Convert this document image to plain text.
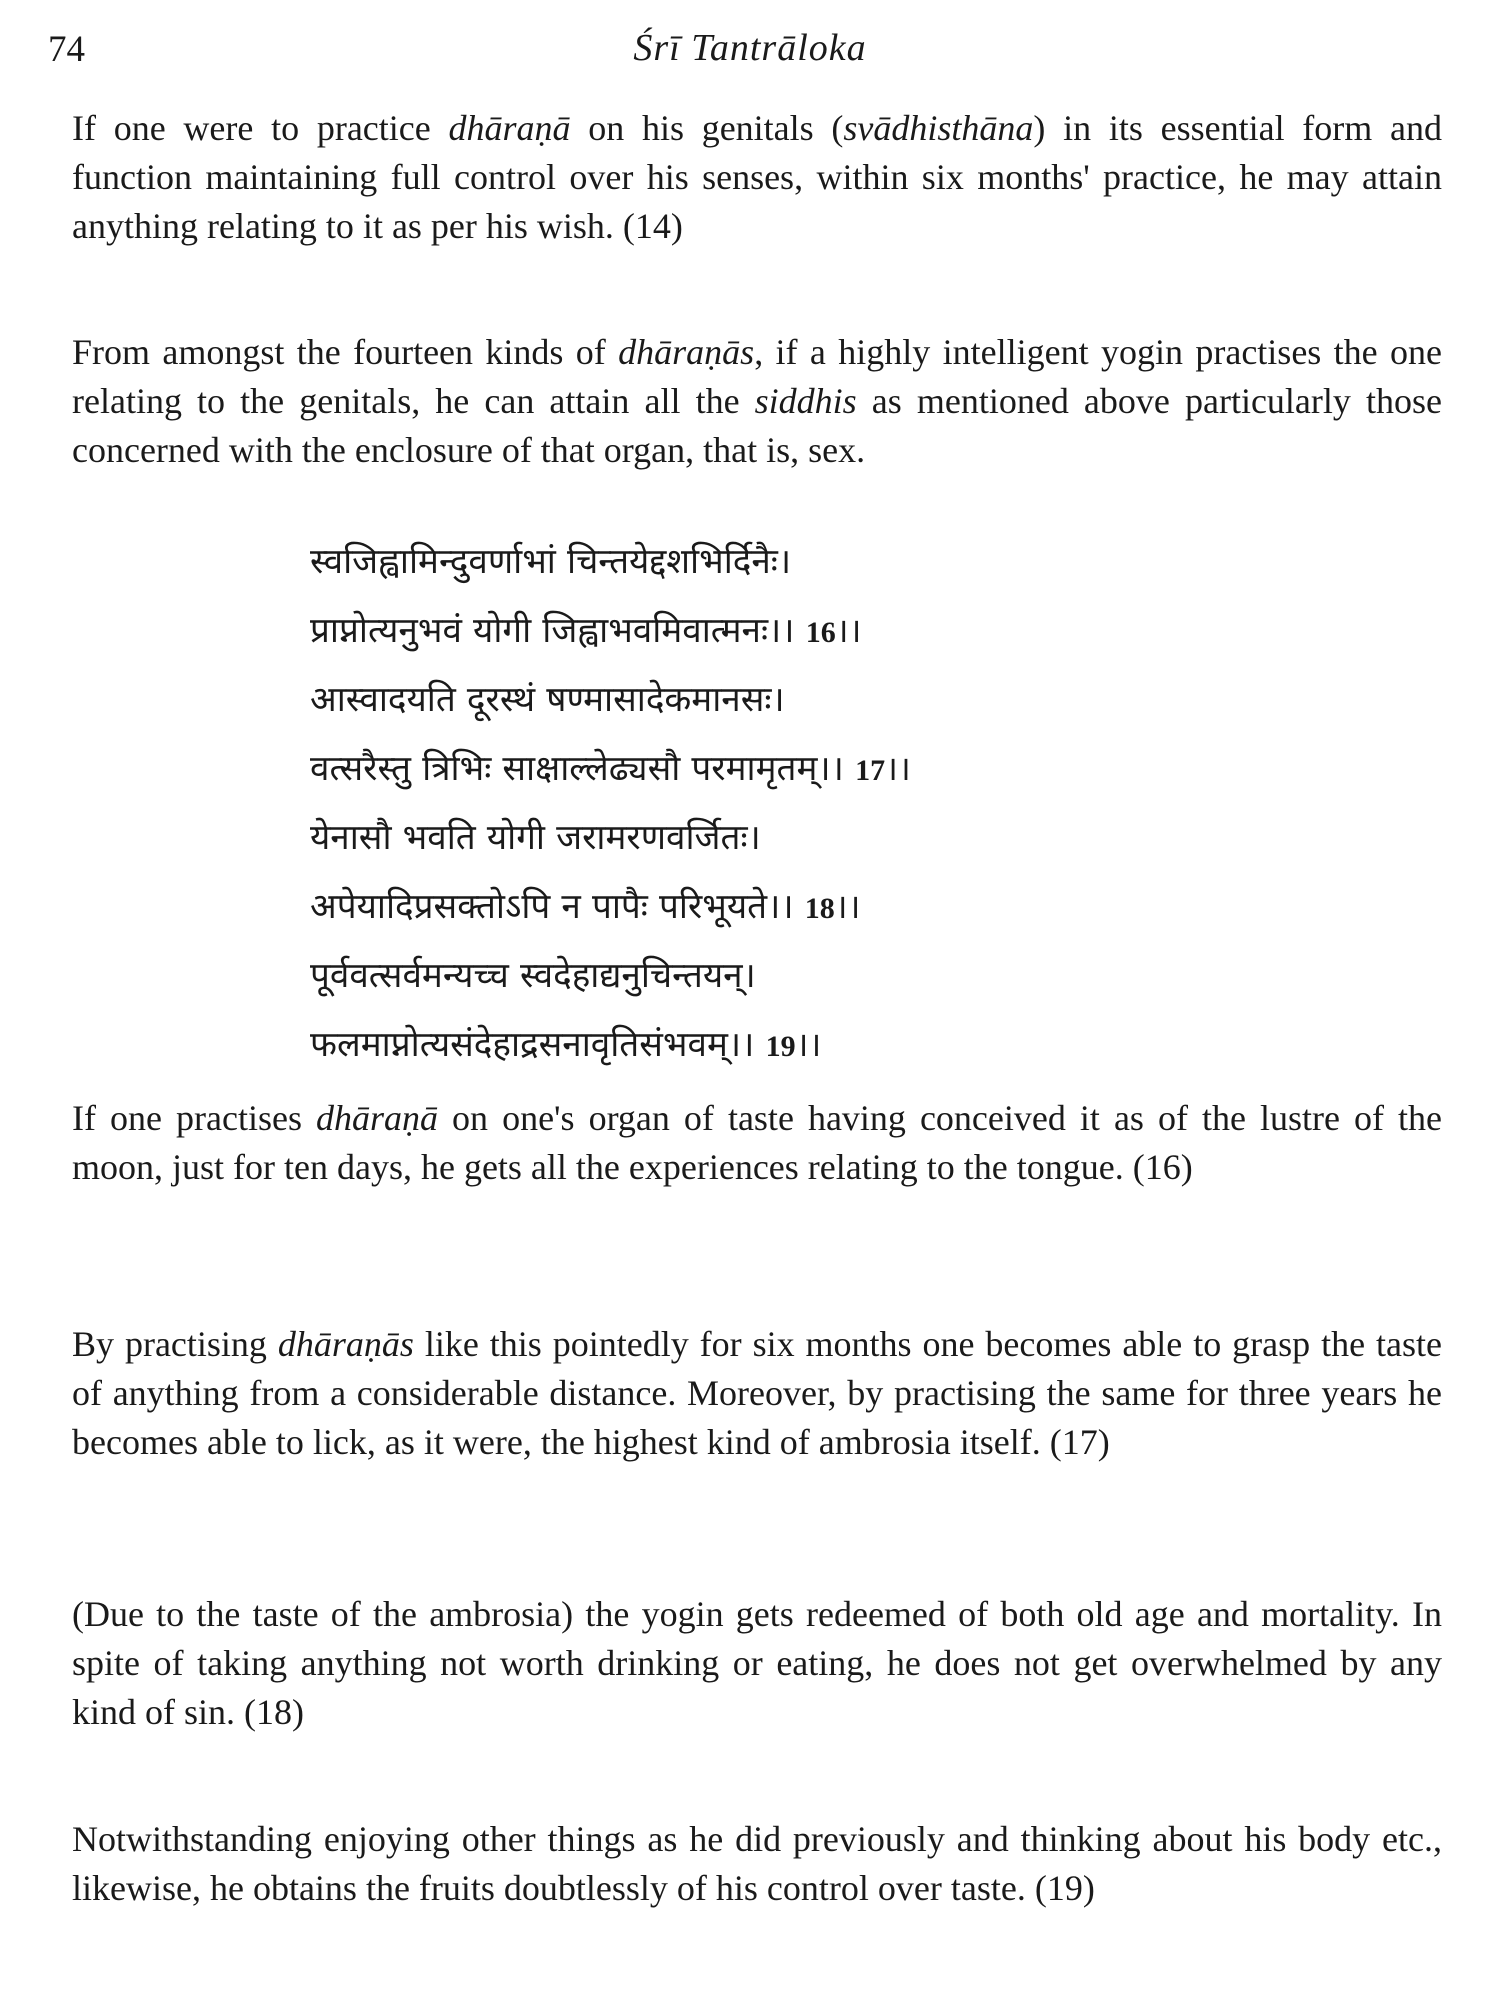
74	Śrī Tantrāloka

If one were to practice dhāraṇā on his genitals (svādhisthāna) in its essential form and function maintaining full control over his senses, within six months' practice, he may attain anything relating to it as per his wish. (14)

From amongst the fourteen kinds of dhāraṇās, if a highly intelligent yogin practises the one relating to the genitals, he can attain all the siddhis as mentioned above particularly those concerned with the enclosure of that organ, that is, sex.

स्वजिह्वामिन्दुवर्णाभां चिन्तयेद्दशभिर्दिनैः।
प्राप्नोत्यनुभवं योगी जिह्वाभवमिवात्मनः।। 16।।
आस्वादयति दूरस्थं षण्मासादेकमानसः।
वत्सरैस्तु त्रिभिः साक्षाल्लेढ्यसौ परमामृतम्।। 17।।
येनासौ भवति योगी जरामरणवर्जितः।
अपेयादिप्रसक्तोऽपि न पापैः परिभूयते।। 18।।
पूर्ववत्सर्वमन्यच्च स्वदेहाद्यनुचिन्तयन्।
फलमाप्नोत्यसंदेहाद्रसनावृतिसंभवम्।। 19।।

If one practises dhāraṇā on one's organ of taste having conceived it as of the lustre of the moon, just for ten days, he gets all the experiences relating to the tongue. (16)

By practising dhāraṇās like this pointedly for six months one becomes able to grasp the taste of anything from a considerable distance. Moreover, by practising the same for three years he becomes able to lick, as it were, the highest kind of ambrosia itself. (17)

(Due to the taste of the ambrosia) the yogin gets redeemed of both old age and mortality. In spite of taking anything not worth drinking or eating, he does not get overwhelmed by any kind of sin. (18)

Notwithstanding enjoying other things as he did previously and thinking about his body etc., likewise, he obtains the fruits doubtlessly of his control over taste. (19)
